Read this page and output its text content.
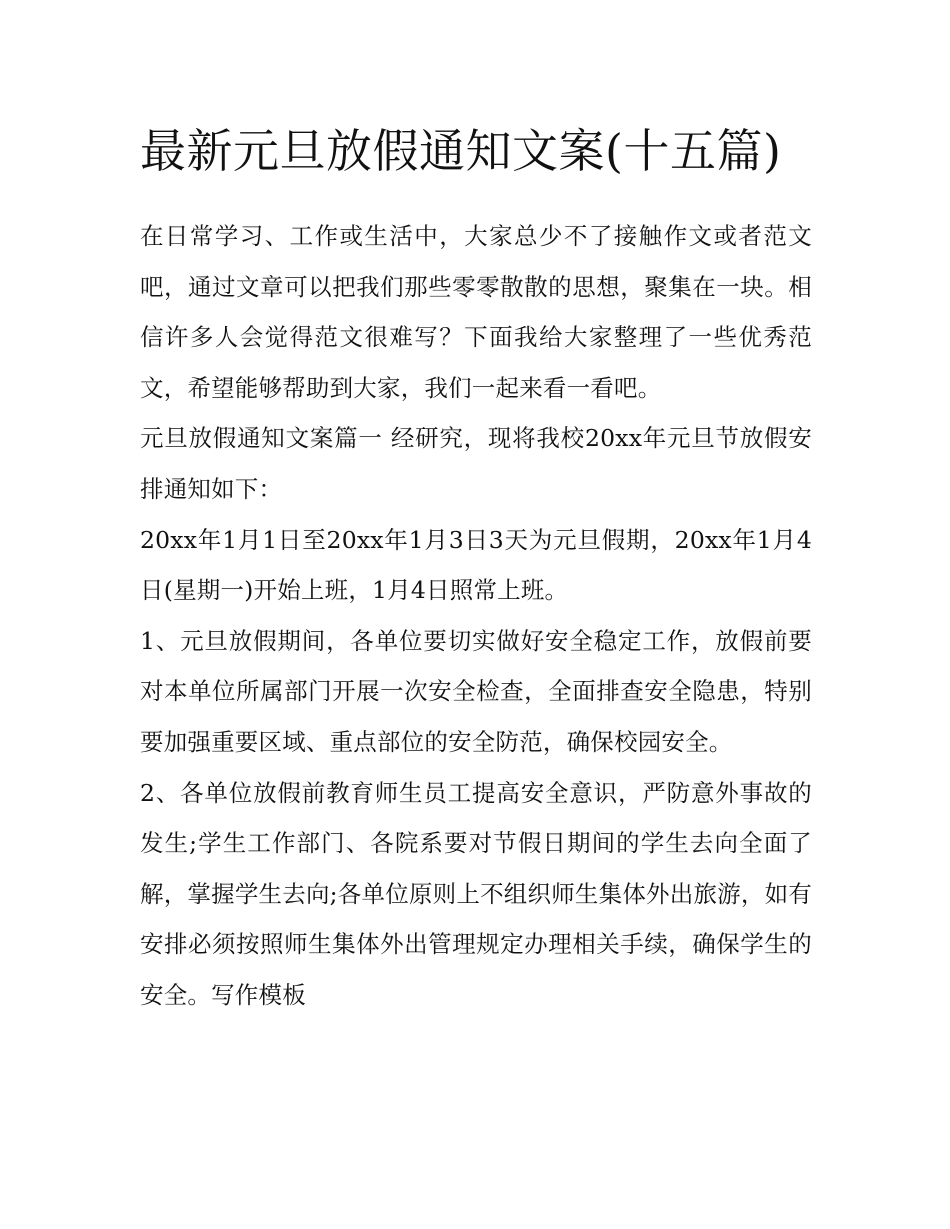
最新元旦放假通知文案(十五篇)

在日常学习、工作或生活中，大家总少不了接触作文或者范文吧，通过文章可以把我们那些零零散散的思想，聚集在一块。相信许多人会觉得范文很难写？下面我给大家整理了一些优秀范文，希望能够帮助到大家，我们一起来看一看吧。

元旦放假通知文案篇一 经研究，现将我校20xx年元旦节放假安排通知如下：

20xx年1月1日至20xx年1月3日3天为元旦假期，20xx年1月4日(星期一)开始上班，1月4日照常上班。

1、元旦放假期间，各单位要切实做好安全稳定工作，放假前要对本单位所属部门开展一次安全检查，全面排查安全隐患，特别要加强重要区域、重点部位的安全防范，确保校园安全。

2、各单位放假前教育师生员工提高安全意识，严防意外事故的发生;学生工作部门、各院系要对节假日期间的学生去向全面了解，掌握学生去向;各单位原则上不组织师生集体外出旅游，如有安排必须按照师生集体外出管理规定办理相关手续，确保学生的安全。写作模板
